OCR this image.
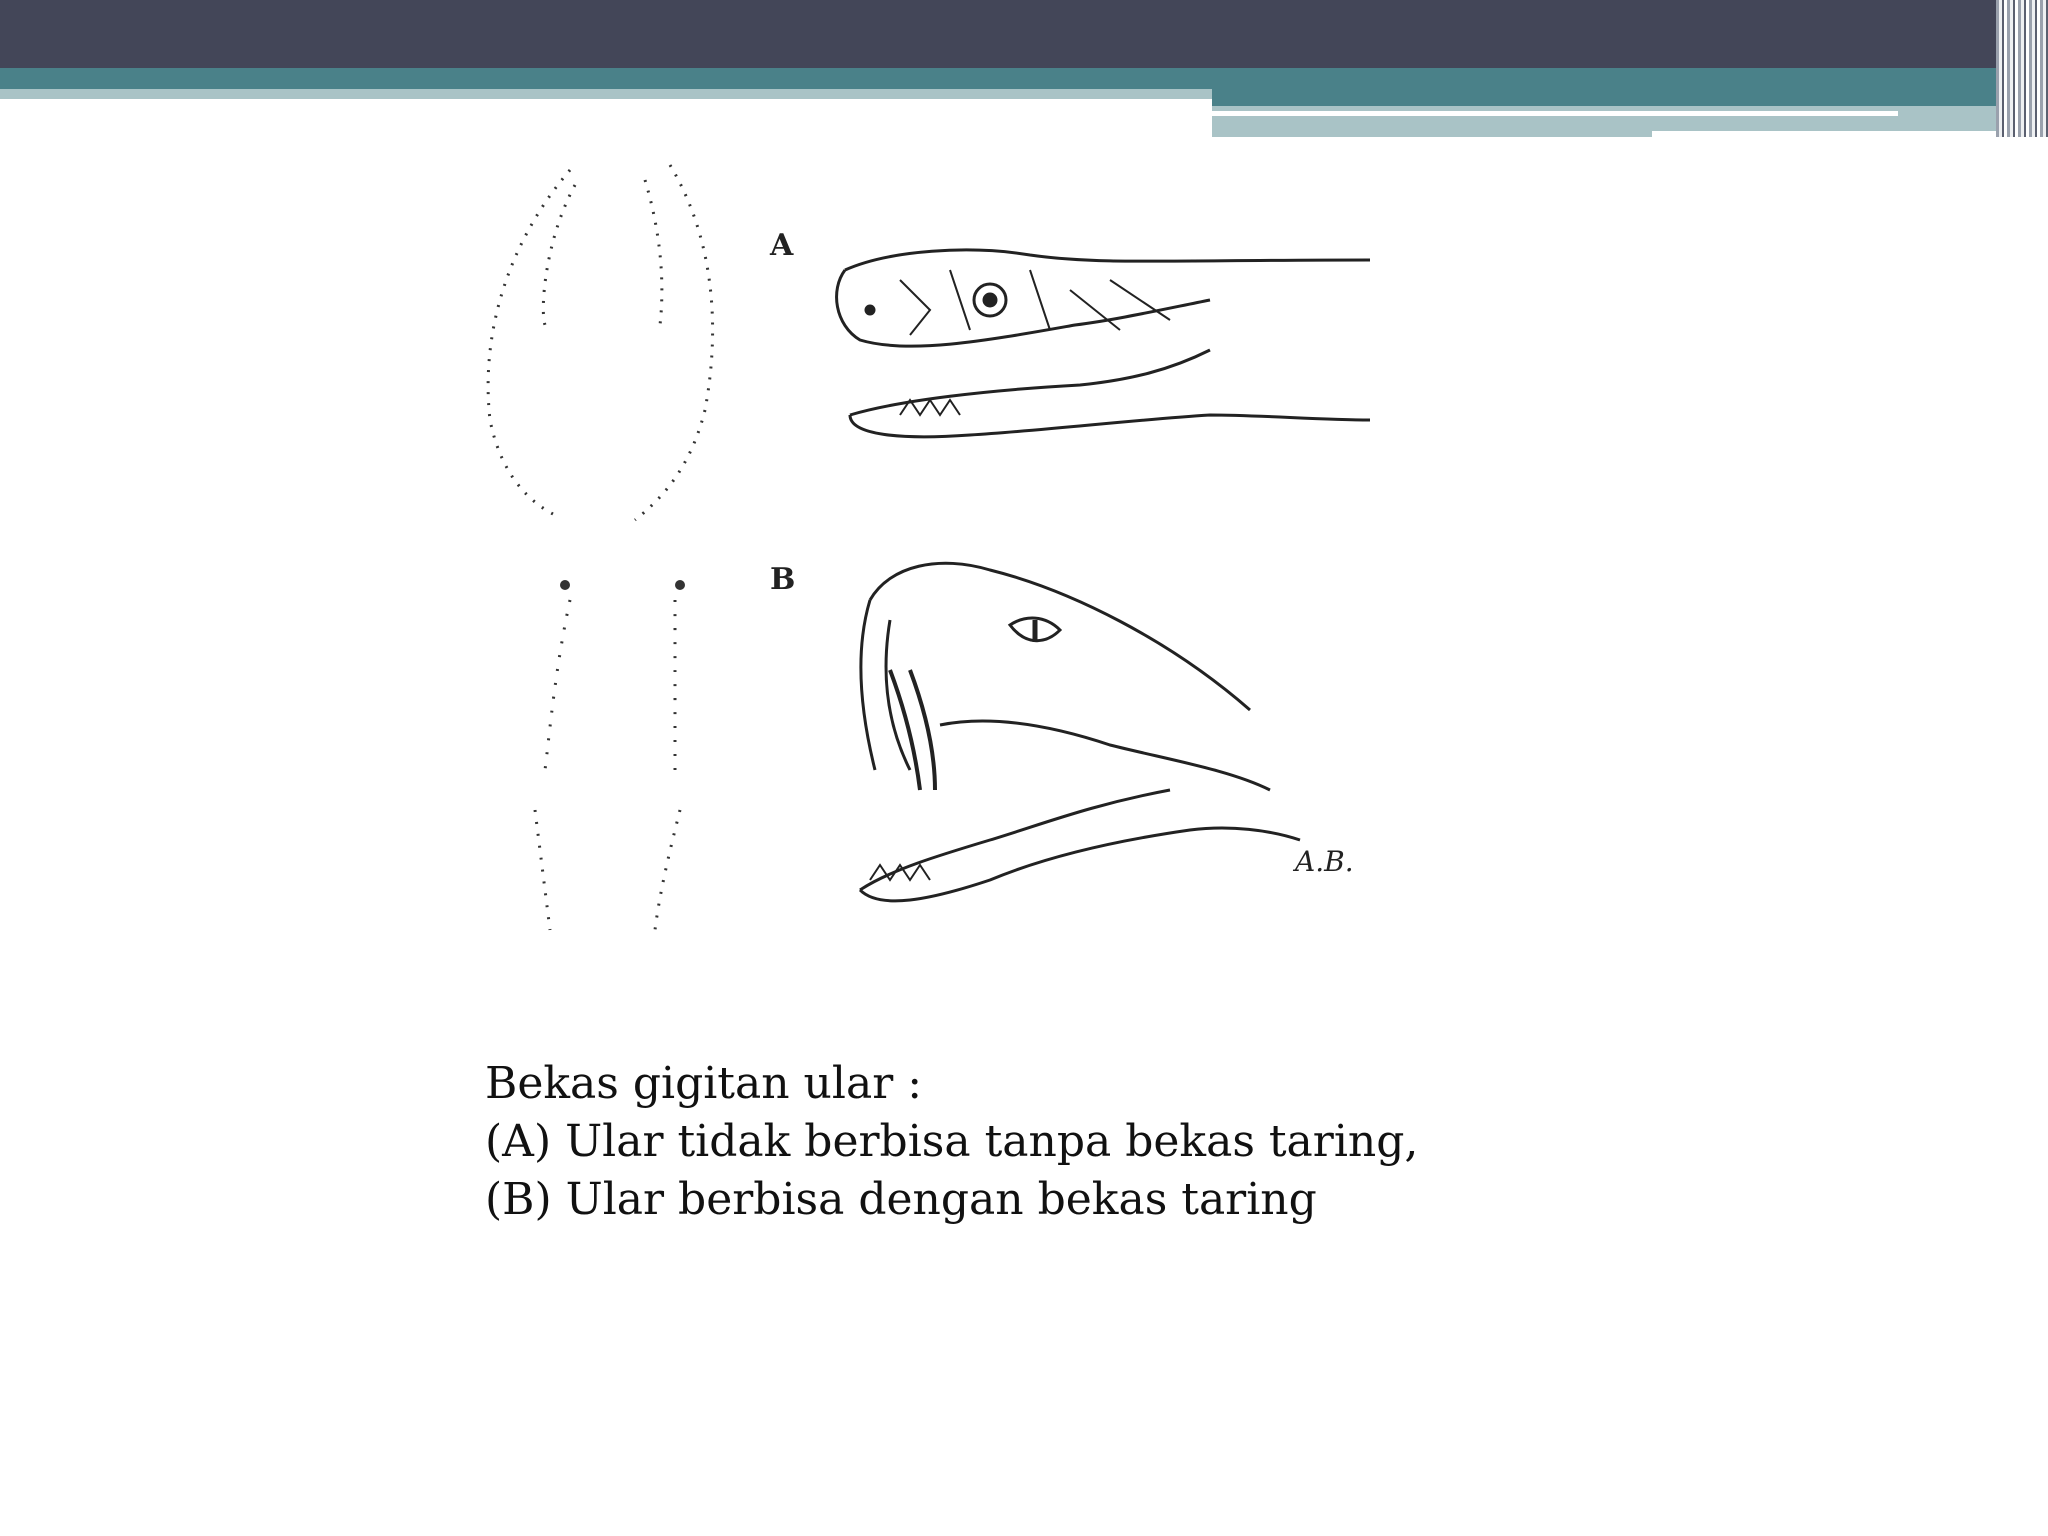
A
B
A.B.
Bekas gigitan ular :
(A) Ular tidak berbisa tanpa bekas taring,
(B) Ular berbisa dengan bekas taring
